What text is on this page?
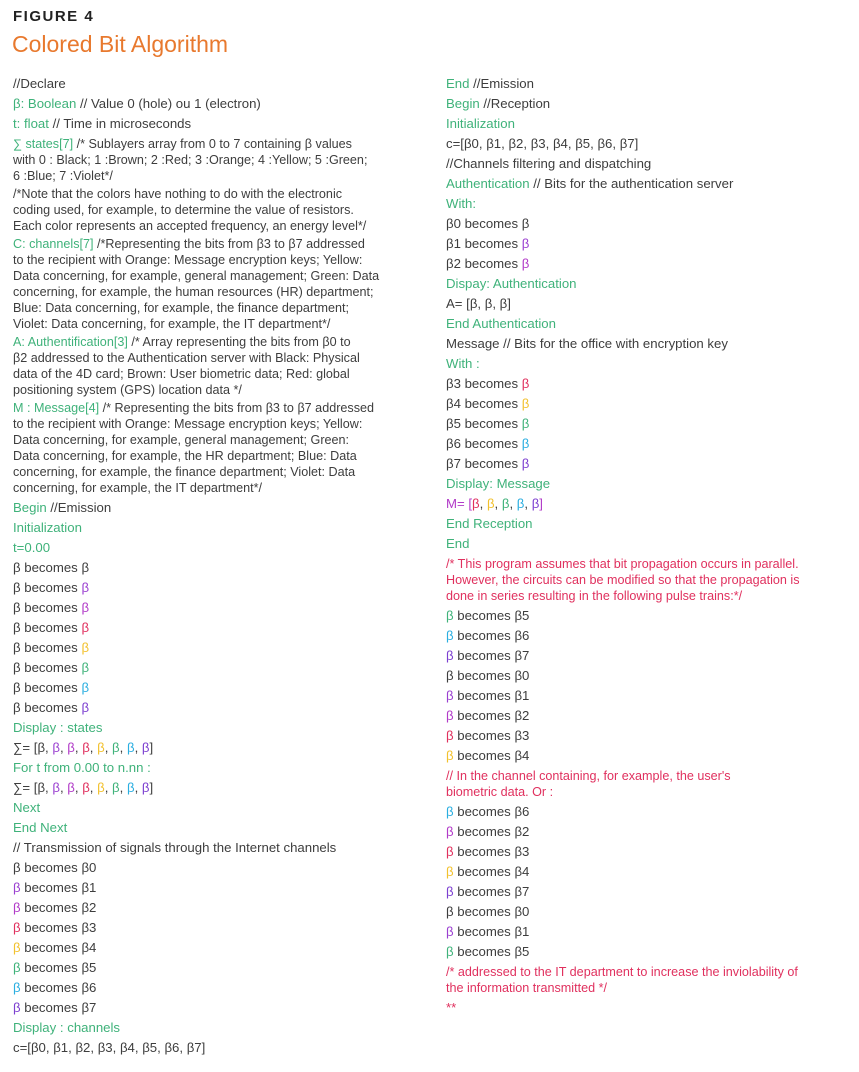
FIGURE 4
Colored Bit Algorithm
//Declare
β: Boolean // Value 0 (hole) ou 1 (electron)
t: float // Time in microseconds
∑ states[7] /* Sublayers array from 0 to 7 containing β values
with 0 : Black; 1 :Brown; 2 :Red; 3 :Orange; 4 :Yellow; 5 :Green;
6 :Blue; 7 :Violet*/
/*Note that the colors have nothing to do with the electronic
coding used, for example, to determine the value of resistors.
Each color represents an accepted frequency, an energy level*/
C: channels[7] /*Representing the bits from β3 to β7 addressed
to the recipient with Orange: Message encryption keys; Yellow:
Data concerning, for example, general management; Green: Data
concerning, for example, the human resources (HR) department;
Blue: Data concerning, for example, the finance department;
Violet: Data concerning, for example, the IT department*/
A: Authentification[3] /* Array representing the bits from β0 to
β2 addressed to the Authentication server with Black: Physical
data of the 4D card; Brown: User biometric data; Red: global
positioning system (GPS) location data */
M : Message[4] /* Representing the bits from β3 to β7 addressed
to the recipient with Orange: Message encryption keys; Yellow:
Data concerning, for example, general management; Green:
Data concerning, for example, the HR department; Blue: Data
concerning, for example, the finance department; Violet: Data
concerning, for example, the IT department*/
Begin //Emission
Initialization
t=0.00
β becomes β
β becomes β
β becomes β
β becomes β
β becomes β
β becomes β
β becomes β
β becomes β
Display : states
∑= [β, β, β, β, β, β, β, β]
For t from 0.00 to n.nn :
∑= [β, β, β, β, β, β, β, β]
Next
End Next
// Transmission of signals through the Internet channels
β becomes β0
β becomes β1
β becomes β2
β becomes β3
β becomes β4
β becomes β5
β becomes β6
β becomes β7
Display : channels
c=[β0, β1, β2, β3, β4, β5, β6, β7]
End //Emission
Begin //Reception
Initialization
c=[β0, β1, β2, β3, β4, β5, β6, β7]
//Channels filtering and dispatching
Authentication // Bits for the authentication server
With:
β0 becomes β
β1 becomes β
β2 becomes β
Dispay: Authentication
A= [β, β, β]
End Authentication
Message // Bits for the office with encryption key
With :
β3 becomes β
β4 becomes β
β5 becomes β
β6 becomes β
β7 becomes β
Display: Message
M= [β, β, β, β, β]
End Reception
End
/* This program assumes that bit propagation occurs in parallel.
However, the circuits can be modified so that the propagation is
done in series resulting in the following pulse trains:*/
β becomes β5
β becomes β6
β becomes β7
β becomes β0
β becomes β1
β becomes β2
β becomes β3
β becomes β4
// In the channel containing, for example, the user's
biometric data. Or :
β becomes β6
β becomes β2
β becomes β3
β becomes β4
β becomes β7
β becomes β0
β becomes β1
β becomes β5
/* addressed to the IT department to increase the inviolability of
the information transmitted */
**
